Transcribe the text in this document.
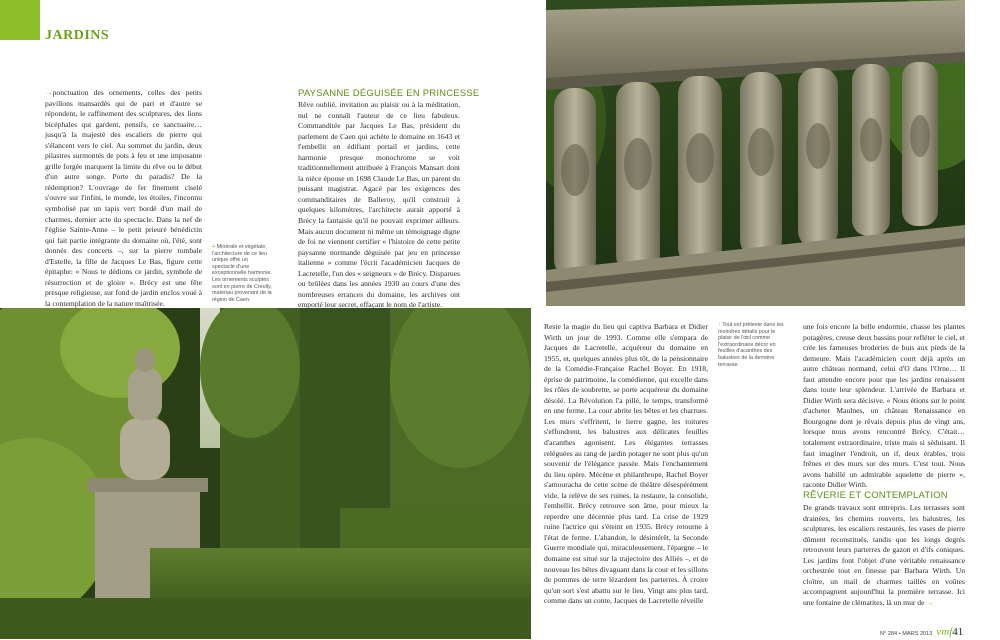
JARDINS
→ponctuation des ornements, celles des petits pavillons mansardés qui de part et d'autre se répondent, le raffinement des sculptures, des lions bicéphales qui gardent, pensifs, ce sanctuaire… jusqu'à la majesté des escaliers de pierre qui s'élancent vers le ciel. Au sommet du jardin, deux pilastres surmontés de pots à feu et une imposante grille forgée marquent la limite du rêve ou le début d'un autre songe. Porte du paradis? De la rédemption? L'ouvrage de fer finement ciselé s'ouvre sur l'infini, le monde, les étoiles, l'inconnu symbolisé par un tapis vert bordé d'un mail de charmes, dernier acte du spectacle. Dans la nef de l'église Sainte-Anne – le petit prieuré bénédictin qui fait partie intégrante du domaine où, l'été, sont donnés des concerts –, sur la pierre tombale d'Estelle, la fille de Jacques Le Bas, figure cette épitaphe: « Nous te dédions ce jardin, symbole de résurrection et de gloire ». Brécy est une fête presque religieuse, sur fond de jardin enclos voué à la contemplation de la nature maîtrisée.
+ Minérale et végétale, l'architecture de ce lieu unique offre un spectacle d'une exceptionnelle harmonie. Les ornements sculptés sont en pierre de Creully, matériau provenant de la région de Caen.
PAYSANNE DÉGUISÉE EN PRINCESSE
Rêve oublié, invitation au plaisir ou à la méditation, nul ne connaît l'auteur de ce lieu fabuleux. Commanditée par Jacques Le Bas, président du parlement de Caen qui achète le domaine en 1643 et l'embellit en édifiant portail et jardins, cette harmonie presque monochrome se voit traditionnellement attribuée à François Mansart dont la nièce épouse en 1698 Claude Le Bas, un parent du puissant magistrat. Agacé par les exigences des commanditaires de Balleroy, qu'il construit à quelques kilomètres, l'architecte aurait apporté à Brécy la fantaisie qu'il ne pouvait exprimer ailleurs. Mais aucun document ni même un témoignage digne de foi ne viennent certifier « l'histoire de cette petite paysanne normande déguisée par jeu en princesse italienne » comme l'écrit l'académicien Jacques de Lacretelle, l'un des « seigneurs » de Brécy. Disparues ou brûlées dans les années 1930 au cours d'une des nombreuses errances du domaine, les archives ont emporté leur secret, effaçant le nom de l'artiste.
Reste la magie du lieu qui captiva Barbara et Didier Wirth un jour de 1993. Comme elle s'empara de Jacques de Lacretelle, acquéreur du domaine en 1955, et, quelques années plus tôt, de la pensionnaire de la Comédie-Française Rachel Boyer. En 1918, éprise de patrimoine, la comédienne, qui excelle dans les rôles de soubrette, se porte acquéreur du domaine désolé. La Révolution l'a pillé, le temps, transformé en une ferme. La cour abrite les bêtes et les charrues. Les murs s'effritent, le lierre gagne, les toitures s'effondrent, les balustres aux délicates feuilles d'acanthes agonisent. Les élégantes terrasses reléguées au rang de jardin potager ne sont plus qu'un souvenir de l'élégance passée. Mais l'enchantement du lieu opère. Mécène et philanthrope, Rachel Boyer s'amouracha de cette scène de théâtre désespérément vide, la relève de ses ruines, la restaure, la consolide, l'embellit. Brécy retrouve son âme, pour mieux la reperdre une décennie plus tard. La crise de 1929 ruine l'actrice qui s'éteint en 1935. Brécy retourne à l'état de ferme. L'abandon, le désintérêt, la Seconde Guerre mondiale qui, miraculeusement, l'épargne – le domaine est situé sur la trajectoire des Alliés –, et de nouveau les bêtes divaguant dans la cour et les sillons de pommes de terre lézardent les parterres. À croire qu'un sort s'est abattu sur le lieu. Vingt ans plus tard, comme dans un conte, Jacques de Lacretelle réveille
↑ Tout est prétexte dans les moindres détails pour le plaisir de l'œil comme l'extraordinaire décor en feuilles d'acanthes des balustres de la dernière terrasse.
une fois encore la belle endormie, chasse les plantes potagères, creuse deux bassins pour refléter le ciel, et crée les fameuses broderies de buis aux pieds de la demeure. Mais l'académicien court déjà après un autre château normand, celui d'O dans l'Orne… Il faut attendre encore pour que les jardins renaissent dans toute leur splendeur. L'arrivée de Barbara et Didier Wirth sera décisive. « Nous étions sur le point d'acheter Maulnes, un château Renaissance en Bourgogne dont je rêvais depuis plus de vingt ans, lorsque nous avons rencontré Brécy. C'était… totalement extraordinaire, triste mais si séduisant. Il faut imaginer l'endroit, un if, deux érables, trois frênes et des murs sur des murs. C'est tout. Nous avons habillé un admirable squelette de pierre », raconte Didier Wirth.
RÊVERIE ET CONTEMPLATION
De grands travaux sont entrepris. Les terrasses sont drainées, les chemins rouverts, les balustres, les sculptures, les escaliers restaurés, les vases de pierre dûment reconstitués, tandis que les longs degrés retrouvent leurs parterres de gazon et d'ifs coniques. Les jardins font l'objet d'une véritable renaissance orchestrée tout en finesse par Barbara Wirth. Un cloître, un mail de charmes taillés en voûtes accompagnent aujourd'hui la première terrasse. Ici une fontaine de clématites, là un mur de →
N° 284 • MARS 2013 vmf41
